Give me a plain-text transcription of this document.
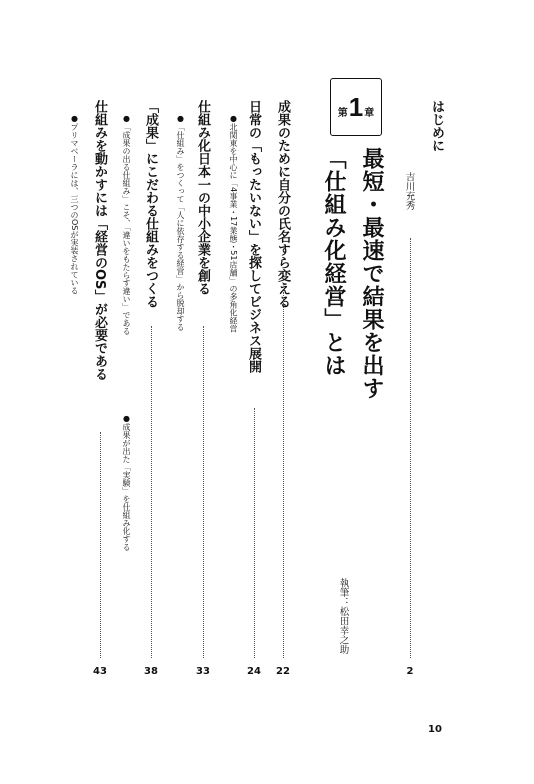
はじめに
吉川充秀
2
第 1 章
最短・最速で結果を出す
「仕組み化経営」とは
執筆：松田幸之助
成果のために自分の氏名すら変える
22
日常の「もったいない」を探してビジネス展開
●北関東を中心に「4事業・17業態・51店舗」の多角化経営
24
仕組み化日本一の中小企業を創る
●「仕組み」をつくって「人に依存する経営」から脱却する
33
「成果」にこだわる仕組みをつくる
●「成果の出る仕組み」こそ、「違いをもたらす違い」である
●成果が出た「実験」を仕組み化する
38
仕組みを動かすには「経営のOS」が必要である
●プリマベーラには、三つのOSが実装されている
43
10
